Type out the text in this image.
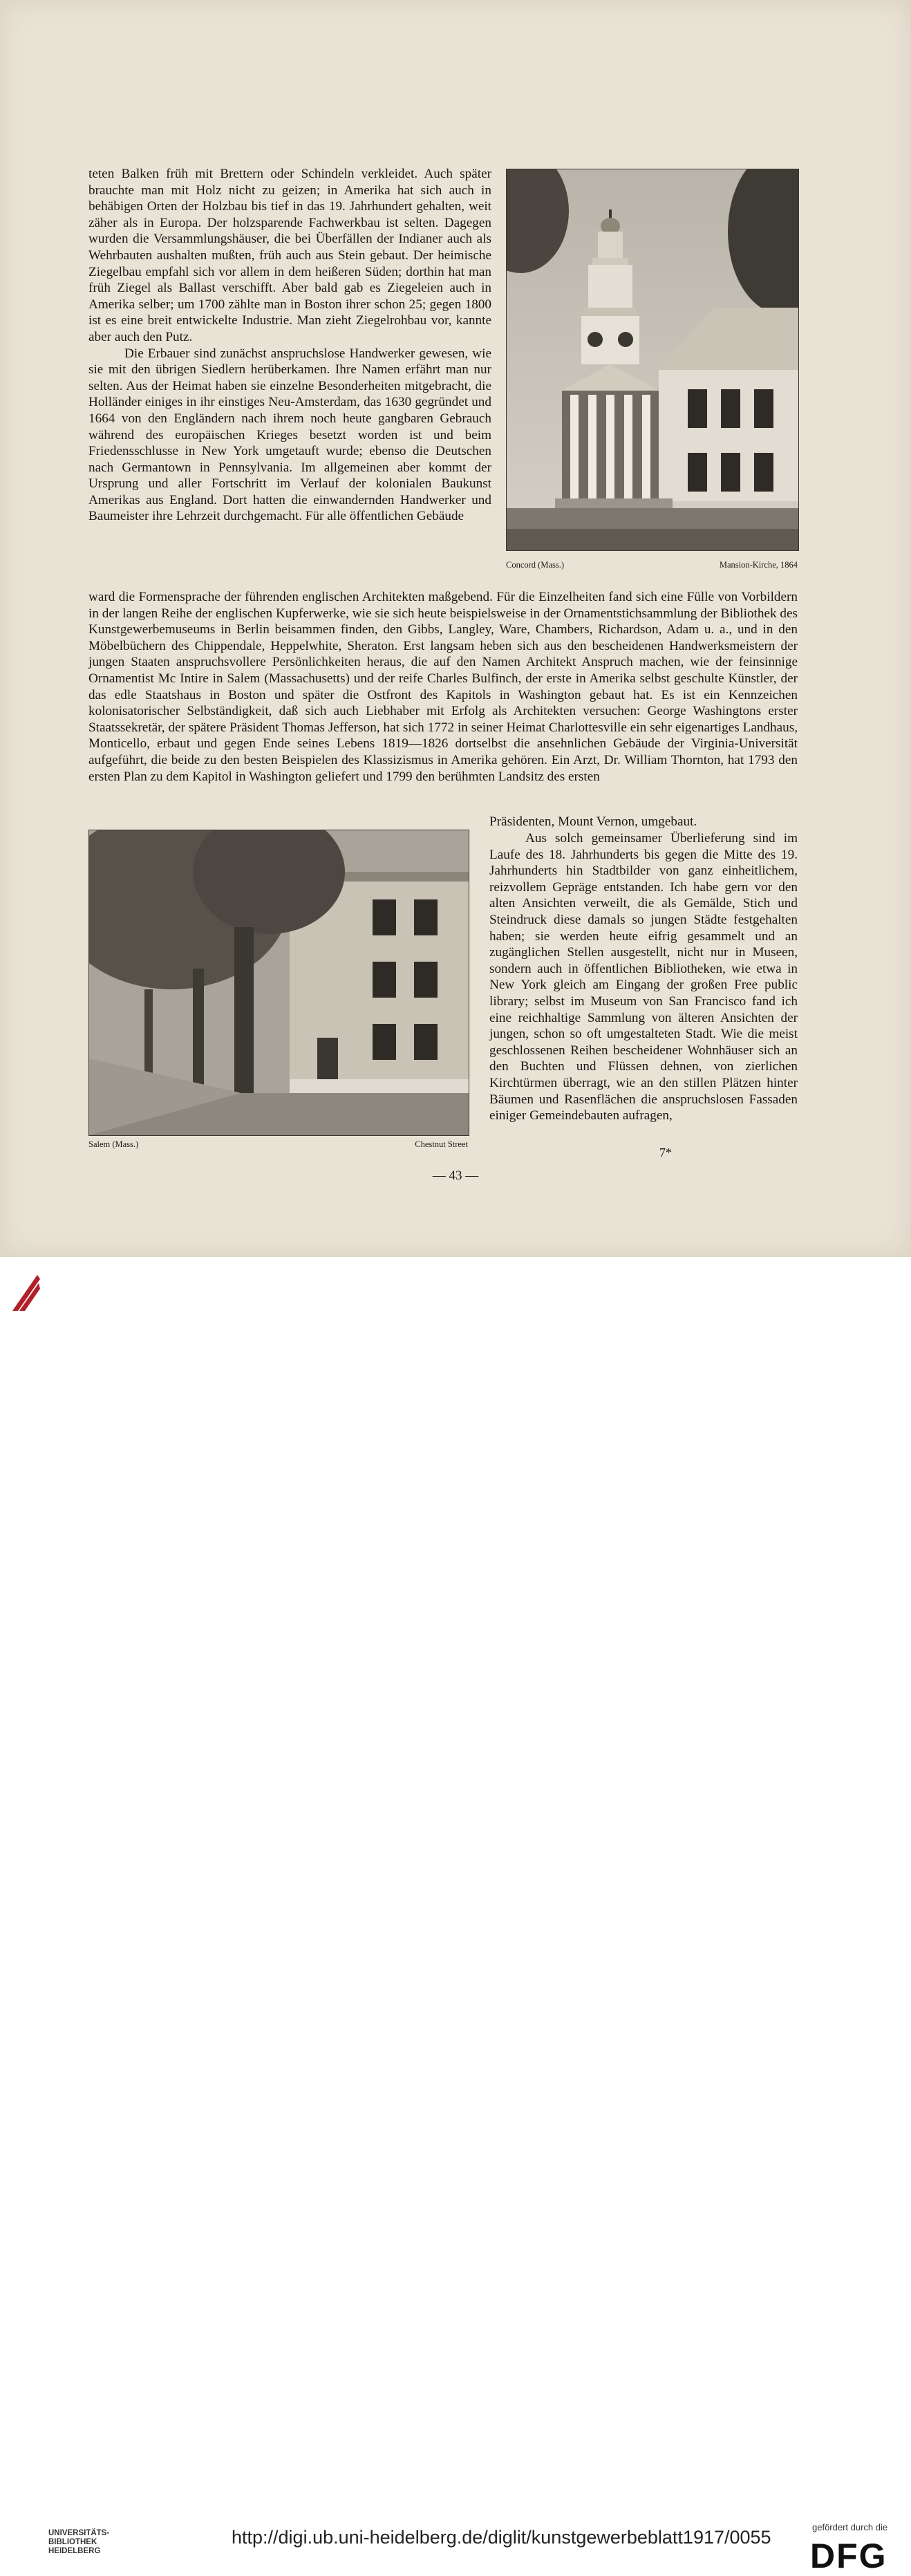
teten Balken früh mit Brettern oder Schindeln verkleidet. Auch später brauchte man mit Holz nicht zu geizen; in Amerika hat sich auch in behäbigen Orten der Holzbau bis tief in das 19. Jahrhundert gehalten, weit zäher als in Europa. Der holzsparende Fachwerkbau ist selten. Dagegen wurden die Versammlungshäuser, die bei Überfällen der Indianer auch als Wehrbauten aushalten mußten, früh auch aus Stein gebaut. Der heimische Ziegelbau empfahl sich vor allem in dem heißeren Süden; dorthin hat man früh Ziegel als Ballast verschifft. Aber bald gab es Ziegeleien auch in Amerika selber; um 1700 zählte man in Boston ihrer schon 25; gegen 1800 ist es eine breit entwickelte Industrie. Man zieht Ziegelrohbau vor, kannte aber auch den Putz.

Die Erbauer sind zunächst anspruchslose Handwerker gewesen, wie sie mit den übrigen Siedlern herüberkamen. Ihre Namen erfährt man nur selten. Aus der Heimat haben sie einzelne Besonderheiten mitgebracht, die Holländer einiges in ihr einstiges Neu-Amsterdam, das 1630 gegründet und 1664 von den Engländern nach ihrem noch heute gangbaren Gebrauch während des europäischen Krieges besetzt worden ist und beim Friedensschlusse in New York umgetauft wurde; ebenso die Deutschen nach Germantown in Pennsylvania. Im allgemeinen aber kommt der Ursprung und aller Fortschritt im Verlauf der kolonialen Baukunst Amerikas aus England. Dort hatten die einwandernden Handwerker und Baumeister ihre Lehrzeit durchgemacht. Für alle öffentlichen Gebäude

Concord (Mass.)	Mansion-Kirche, 1864

ward die Formensprache der führenden englischen Architekten maßgebend. Für die Einzelheiten fand sich eine Fülle von Vorbildern in der langen Reihe der englischen Kupferwerke, wie sie sich heute beispielsweise in der Ornamentstichsammlung der Bibliothek des Kunstgewerbemuseums in Berlin beisammen finden, den Gibbs, Langley, Ware, Chambers, Richardson, Adam u. a., und in den Möbelbüchern des Chippendale, Heppelwhite, Sheraton. Erst langsam heben sich aus den bescheidenen Handwerksmeistern der jungen Staaten anspruchsvollere Persönlichkeiten heraus, die auf den Namen Architekt Anspruch machen, wie der feinsinnige Ornamentist Mc Intire in Salem (Massachusetts) und der reife Charles Bulfinch, der erste in Amerika selbst geschulte Künstler, der das edle Staatshaus in Boston und später die Ostfront des Kapitols in Washington gebaut hat. Es ist ein Kennzeichen kolonisatorischer Selbständigkeit, daß sich auch Liebhaber mit Erfolg als Architekten versuchen: George Washingtons erster Staatssekretär, der spätere Präsident Thomas Jefferson, hat sich 1772 in seiner Heimat Charlottesville ein sehr eigenartiges Landhaus, Monticello, erbaut und gegen Ende seines Lebens 1819—1826 dortselbst die ansehnlichen Gebäude der Virginia-Universität aufgeführt, die beide zu den besten Beispielen des Klassizismus in Amerika gehören. Ein Arzt, Dr. William Thornton, hat 1793 den ersten Plan zu dem Kapitol in Washington geliefert und 1799 den berühmten Landsitz des ersten

Präsidenten, Mount Vernon, umgebaut.
Salem (Mass.)	Chestnut Street
Aus solch gemeinsamer Überlieferung sind im Laufe des 18. Jahrhunderts bis gegen die Mitte des 19. Jahrhunderts hin Stadtbilder von ganz einheitlichem, reizvollem Gepräge entstanden. Ich habe gern vor den alten Ansichten verweilt, die als Gemälde, Stich und Steindruck diese damals so jungen Städte festgehalten haben; sie werden heute eifrig gesammelt und an zugänglichen Stellen ausgestellt, nicht nur in Museen, sondern auch in öffentlichen Bibliotheken, wie etwa in New York gleich am Eingang der großen Free public library; selbst im Museum von San Francisco fand ich eine reichhaltige Sammlung von älteren Ansichten der jungen, schon so oft umgestalteten Stadt. Wie die meist geschlossenen Reihen bescheidener Wohnhäuser sich an den Buchten und Flüssen dehnen, von zierlichen Kirchtürmen überragt, wie an den stillen Plätzen hinter Bäumen und Rasenflächen die anspruchslosen Fassaden einiger Gemeindebauten aufragen,
7*
— 43 —
UNIVERSITÄTS-
BIBLIOTHEK
HEIDELBERG
http://digi.ub.uni-heidelberg.de/diglit/kunstgewerbeblatt1917/0055	gefördert durch die
DFG
